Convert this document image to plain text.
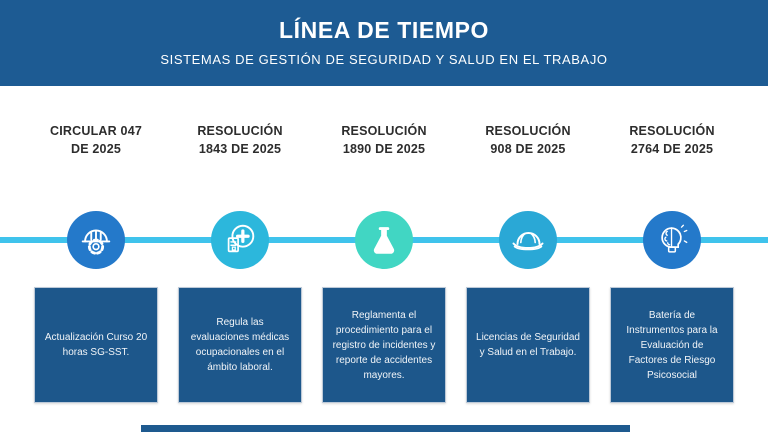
LÍNEA DE TIEMPO
SISTEMAS DE GESTIÓN DE SEGURIDAD Y SALUD EN EL TRABAJO
CIRCULAR 047
DE 2025
RESOLUCIÓN
1843 DE 2025
RESOLUCIÓN
1890 DE 2025
RESOLUCIÓN
908 DE 2025
RESOLUCIÓN
2764 DE 2025

Actualización Curso 20 horas SG-SST.

Regula las evaluaciones médicas ocupacionales en el ámbito laboral.

Reglamenta el procedimiento para el registro de incidentes y reporte de accidentes mayores.

Licencias de Seguridad y Salud en el Trabajo.

Batería de Instrumentos para la Evaluación de Factores de Riesgo Psicosocial
